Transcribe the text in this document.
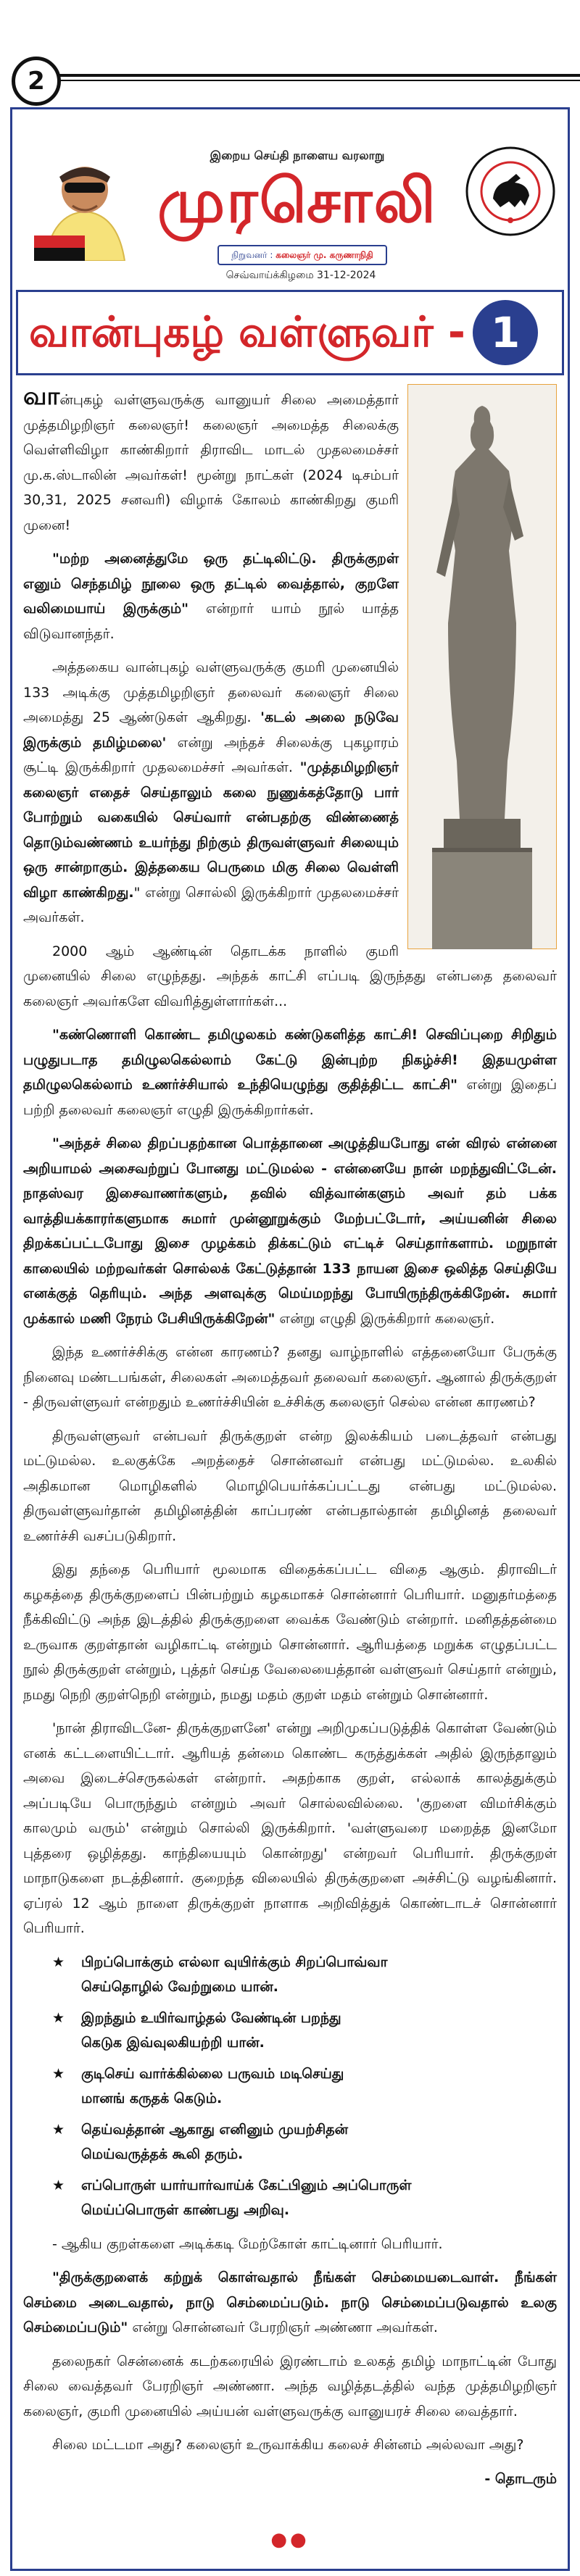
2
இறைய செய்தி நாளைய வரலாறு
முரசொலி
நிறுவனர் : கலைஞர் மு. கருணாநிதி
செவ்வாய்க்கிழமை 31-12-2024
வான்புகழ் வள்ளுவர் - 1

வான்புகழ் வள்ளுவருக்கு வானுயர் சிலை அமைத்தார் முத்தமிழறிஞர் கலைஞர்! கலைஞர் அமைத்த சிலைக்கு வெள்ளிவிழா காண்கிறார் திராவிட மாடல் முதலமைச்சர் மு.க.ஸ்டாலின் அவர்கள்! மூன்று நாட்கள் (2024 டிசம்பர் 30,31, 2025 சனவரி) விழாக் கோலம் காண்கிறது குமரி முனை!

"மற்ற அனைத்துமே ஒரு தட்டிலிட்டு. திருக்குறள் எனும் செந்தமிழ் நூலை ஒரு தட்டில் வைத்தால், குறளே வலிமையாய் இருக்கும்" என்றார் யாம் நூல் யாத்த விடுவானந்தர்.

அத்தகைய வான்புகழ் வள்ளுவருக்கு குமரி முனையில் 133 அடிக்கு முத்தமிழறிஞர் தலைவர் கலைஞர் சிலை அமைத்து 25 ஆண்டுகள் ஆகிறது. 'கடல் அலை நடுவே இருக்கும் தமிழ்மலை' என்று அந்தச் சிலைக்கு புகழாரம் சூட்டி இருக்கிறார் முதலமைச்சர் அவர்கள். "முத்தமிழறிஞர் கலைஞர் எதைச் செய்தாலும் கலை நுணுக்கத்தோடு பார் போற்றும் வகையில் செய்வார் என்பதற்கு விண்ணைத் தொடும்வண்ணம் உயர்ந்து நிற்கும் திருவள்ளுவர் சிலையும் ஒரு சான்றாகும். இத்தகைய பெருமை மிகு சிலை வெள்ளி விழா காண்கிறது." என்று சொல்லி இருக்கிறார் முதலமைச்சர் அவர்கள்.

2000 ஆம் ஆண்டின் தொடக்க நாளில் குமரி முனையில் சிலை எழுந்தது. அந்தக் காட்சி எப்படி இருந்தது என்பதை தலைவர் கலைஞர் அவர்களே விவரித்துள்ளார்கள்...

"கண்ணொளி கொண்ட தமிழுலகம் கண்டுகளித்த காட்சி! செவிப்புறை சிறிதும் பழுதுபடாத தமிழுலகெல்லாம் கேட்டு இன்புற்ற நிகழ்ச்சி! இதயமுள்ள தமிழுலகெல்லாம் உணர்ச்சியால் உந்தியெழுந்து குதித்திட்ட காட்சி" என்று இதைப் பற்றி தலைவர் கலைஞர் எழுதி இருக்கிறார்கள்.

"அந்தச் சிலை திறப்பதற்கான பொத்தானை அழுத்தியபோது என் விரல் என்னை அறியாமல் அசைவற்றுப் போனது மட்டுமல்ல - என்னையே நான் மறந்துவிட்டேன். நாதஸ்வர இசைவாணர்களும், தவில் வித்வான்களும் அவர் தம் பக்க வாத்தியக்காரர்களுமாக சுமார் முன்னூறுக்கும் மேற்பட்டோர், அய்யனின் சிலை திறக்கப்பட்டபோது இசை முழக்கம் திக்கட்டும் எட்டிச் செய்தார்களாம். மறுநாள் காலையில் மற்றவர்கள் சொல்லக் கேட்டுத்தான் 133 நாயன இசை ஒலித்த செய்தியே எனக்குத் தெரியும். அந்த அளவுக்கு மெய்மறந்து போயிருந்திருக்கிறேன். சுமார் முக்கால் மணி நேரம் பேசியிருக்கிறேன்" என்று எழுதி இருக்கிறார் கலைஞர்.

இந்த உணர்ச்சிக்கு என்ன காரணம்? தனது வாழ்நாளில் எத்தனையோ பேருக்கு நினைவு மண்டபங்கள், சிலைகள் அமைத்தவர் தலைவர் கலைஞர். ஆனால் திருக்குறள் - திருவள்ளுவர் என்றதும் உணர்ச்சியின் உச்சிக்கு கலைஞர் செல்ல என்ன காரணம்?

திருவள்ளுவர் என்பவர் திருக்குறள் என்ற இலக்கியம் படைத்தவர் என்பது மட்டுமல்ல. உலகுக்கே அறத்தைச் சொன்னவர் என்பது மட்டுமல்ல. உலகில் அதிகமான மொழிகளில் மொழிபெயர்க்கப்பட்டது என்பது மட்டுமல்ல. திருவள்ளுவர்தான் தமிழினத்தின் காப்பரண் என்பதால்தான் தமிழினத் தலைவர் உணர்ச்சி வசப்படுகிறார்.

இது தந்தை பெரியார் மூலமாக விதைக்கப்பட்ட விதை ஆகும். திராவிடர் கழகத்தை திருக்குறளைப் பின்பற்றும் கழகமாகச் சொன்னார் பெரியார். மனுதர்மத்தை நீக்கிவிட்டு அந்த இடத்தில் திருக்குறளை வைக்க வேண்டும் என்றார். மனிதத்தன்மை உருவாக குறள்தான் வழிகாட்டி என்றும் சொன்னார். ஆரியத்தை மறுக்க எழுதப்பட்ட நூல் திருக்குறள் என்றும், புத்தர் செய்த வேலையைத்தான் வள்ளுவர் செய்தார் என்றும், நமது நெறி குறள்நெறி என்றும், நமது மதம் குறள் மதம் என்றும் சொன்னார்.

'நான் திராவிடனே- திருக்குறளனே' என்று அறிமுகப்படுத்திக் கொள்ள வேண்டும் எனக் கட்டளையிட்டார். ஆரியத் தன்மை கொண்ட கருத்துக்கள் அதில் இருந்தாலும் அவை இடைச்செருகல்கள் என்றார். அதற்காக குறள், எல்லாக் காலத்துக்கும் அப்படியே பொருந்தும் என்றும் அவர் சொல்லவில்லை. 'குறளை விமர்சிக்கும் காலமும் வரும்' என்றும் சொல்லி இருக்கிறார். 'வள்ளுவரை மறைத்த இனமோ புத்தரை ஒழித்தது. காந்தியையும் கொன்றது' என்றவர் பெரியார். திருக்குறள் மாநாடுகளை நடத்தினார். குறைந்த விலையில் திருக்குறளை அச்சிட்டு வழங்கினார். ஏப்ரல் 12 ஆம் நாளை திருக்குறள் நாளாக அறிவித்துக் கொண்டாடச் சொன்னார் பெரியார்.

★ பிறப்பொக்கும் எல்லா வுயிர்க்கும் சிறப்பொவ்வா
செய்தொழில் வேற்றுமை யான்.
★ இறந்தும் உயிர்வாழ்தல் வேண்டின் பறந்து
கெடுக இவ்வுலகியற்றி யான்.
★ குடிசெய் வார்க்கில்லை பருவம் மடிசெய்து
மானங் கருதக் கெடும்.
★ தெய்வத்தான் ஆகாது எனினும் முயற்சிதன்
மெய்வருத்தக் கூலி தரும்.
★ எப்பொருள் யார்யார்வாய்க் கேட்பினும் அப்பொருள்
மெய்ப்பொருள் காண்பது அறிவு.

- ஆகிய குறள்களை அடிக்கடி மேற்கோள் காட்டினார் பெரியார்.

"திருக்குறளைக் கற்றுக் கொள்வதால் நீங்கள் செம்மையடைவாள். நீங்கள் செம்மை அடைவதால், நாடு செம்மைப்படும். நாடு செம்மைப்படுவதால் உலகு செம்மைப்படும்" என்று சொன்னவர் பேரறிஞர் அண்ணா அவர்கள்.

தலைநகர் சென்னைக் கடற்கரையில் இரண்டாம் உலகத் தமிழ் மாநாட்டின் போது சிலை வைத்தவர் பேரறிஞர் அண்ணா. அந்த வழித்தடத்தில் வந்த முத்தமிழறிஞர் கலைஞர், குமரி முனையில் அய்யன் வள்ளுவருக்கு வானுயரச் சிலை வைத்தார்.

சிலை மட்டமா அது? கலைஞர் உருவாக்கிய கலைச் சின்னம் அல்லவா அது?

- தொடரும்
●●
